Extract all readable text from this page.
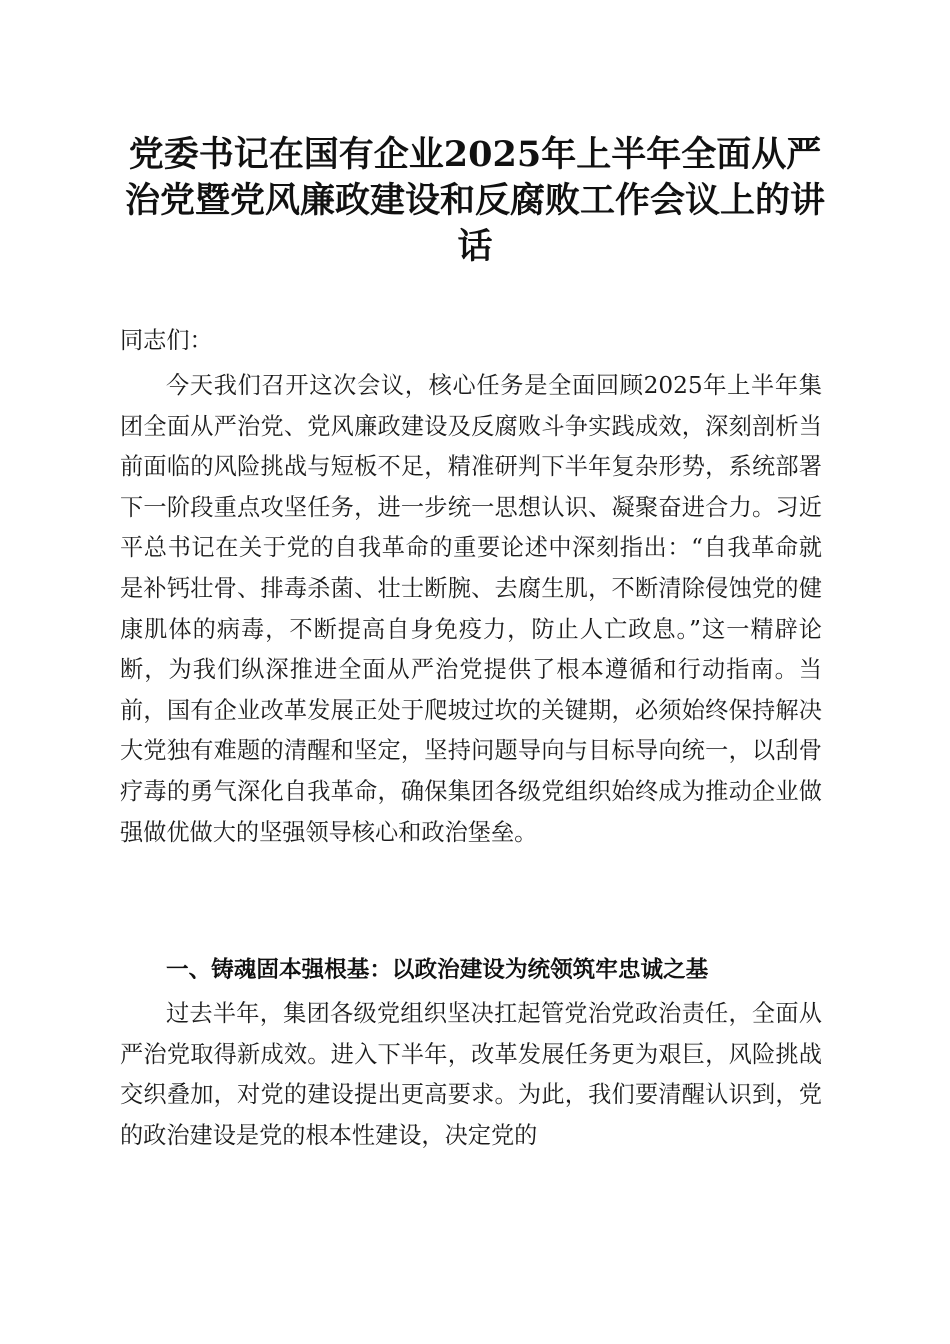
党委书记在国有企业2025年上半年全面从严治党暨党风廉政建设和反腐败工作会议上的讲话

同志们：

今天我们召开这次会议，核心任务是全面回顾2025年上半年集团全面从严治党、党风廉政建设及反腐败斗争实践成效，深刻剖析当前面临的风险挑战与短板不足，精准研判下半年复杂形势，系统部署下一阶段重点攻坚任务，进一步统一思想认识、凝聚奋进合力。习近平总书记在关于党的自我革命的重要论述中深刻指出：“自我革命就是补钙壮骨、排毒杀菌、壮士断腕、去腐生肌，不断清除侵蚀党的健康肌体的病毒，不断提高自身免疫力，防止人亡政息。”这一精辟论断，为我们纵深推进全面从严治党提供了根本遵循和行动指南。当前，国有企业改革发展正处于爬坡过坎的关键期，必须始终保持解决大党独有难题的清醒和坚定，坚持问题导向与目标导向统一，以刮骨疗毒的勇气深化自我革命，确保集团各级党组织始终成为推动企业做强做优做大的坚强领导核心和政治堡垒。

一、铸魂固本强根基：以政治建设为统领筑牢忠诚之基

过去半年，集团各级党组织坚决扛起管党治党政治责任，全面从严治党取得新成效。进入下半年，改革发展任务更为艰巨，风险挑战交织叠加，对党的建设提出更高要求。为此，我们要清醒认识到，党的政治建设是党的根本性建设，决定党的
